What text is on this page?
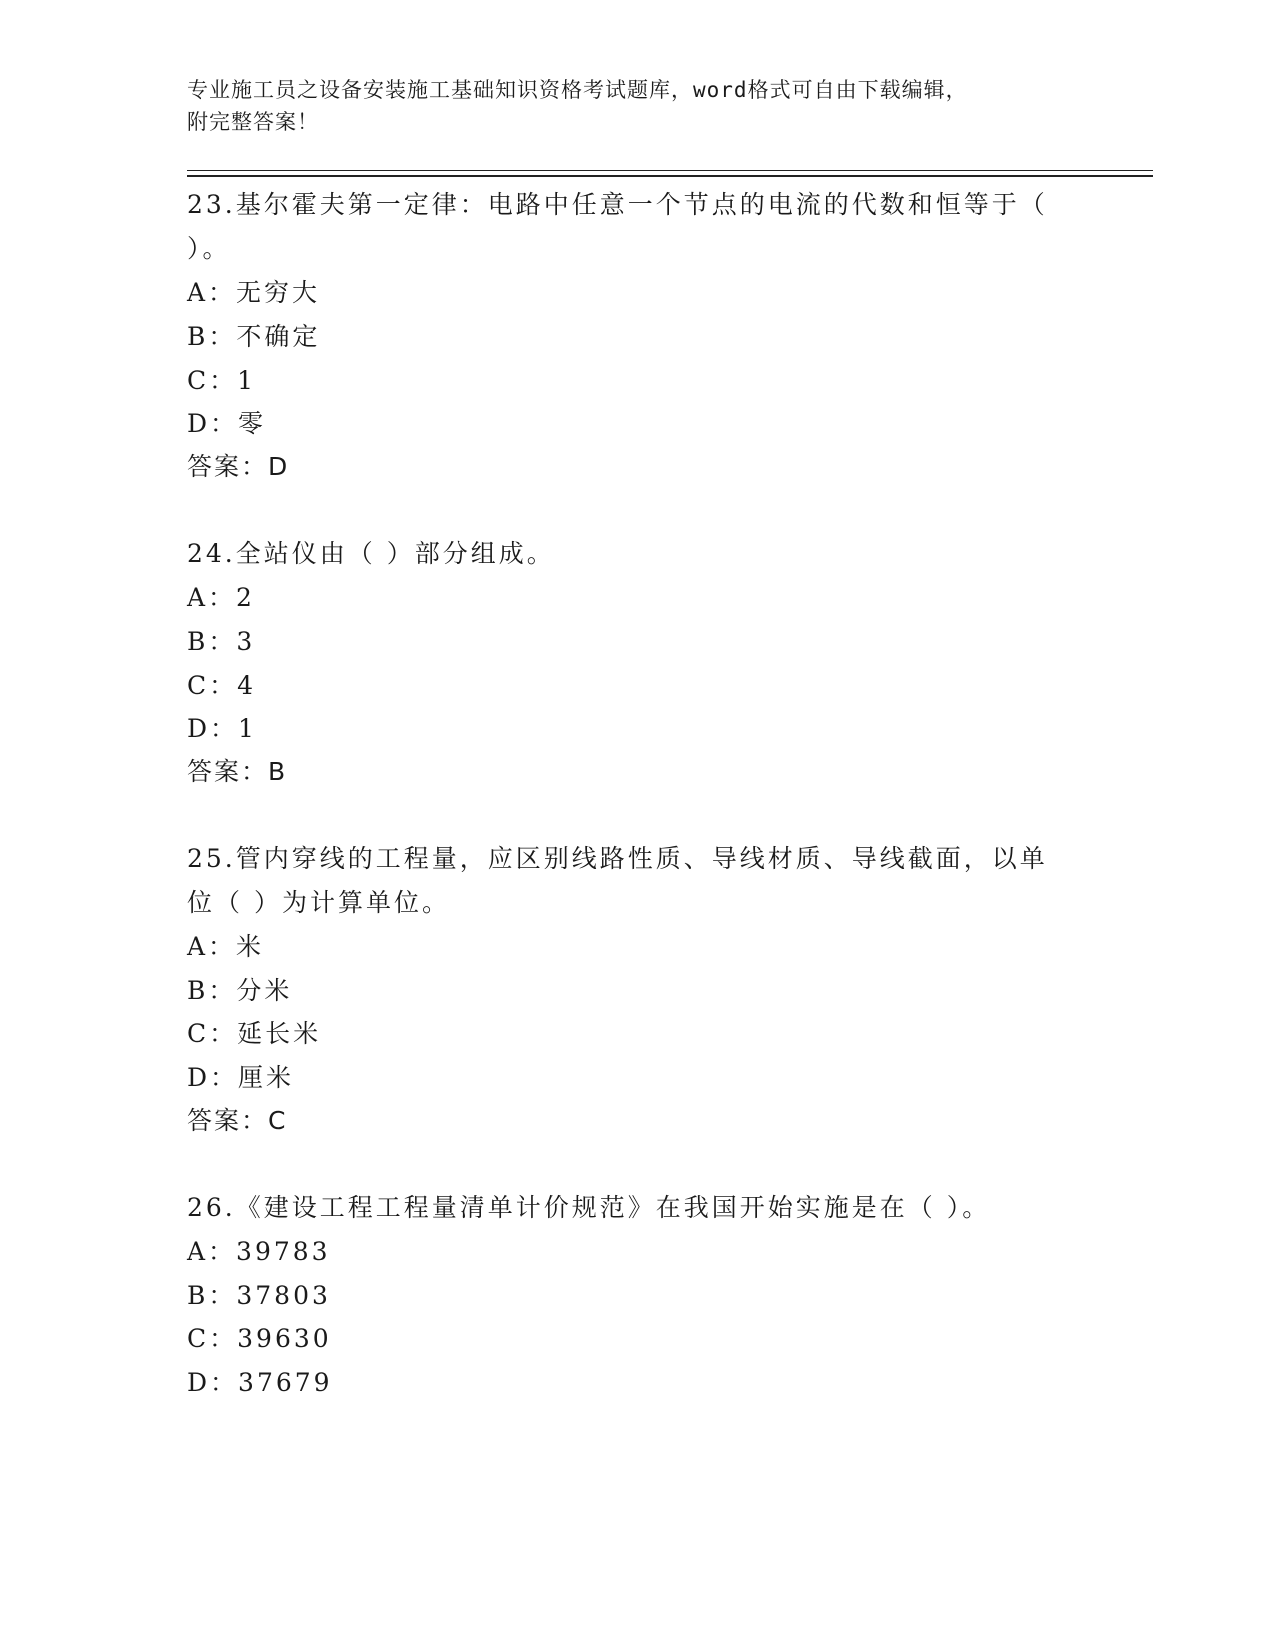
专业施工员之设备安装施工基础知识资格考试题库，word格式可自由下载编辑，
附完整答案！
23.基尔霍夫第一定律：电路中任意一个节点的电流的代数和恒等于（
）。
A：无穷大
B：不确定
C：1
D：零
答案：D
24.全站仪由（ ）部分组成。
A：2
B：3
C：4
D：1
答案：B
25.管内穿线的工程量，应区别线路性质、导线材质、导线截面，以单
位（ ）为计算单位。
A：米
B：分米
C：延长米
D：厘米
答案：C
26.《建设工程工程量清单计价规范》在我国开始实施是在（ ）。
A：39783
B：37803
C：39630
D：37679
